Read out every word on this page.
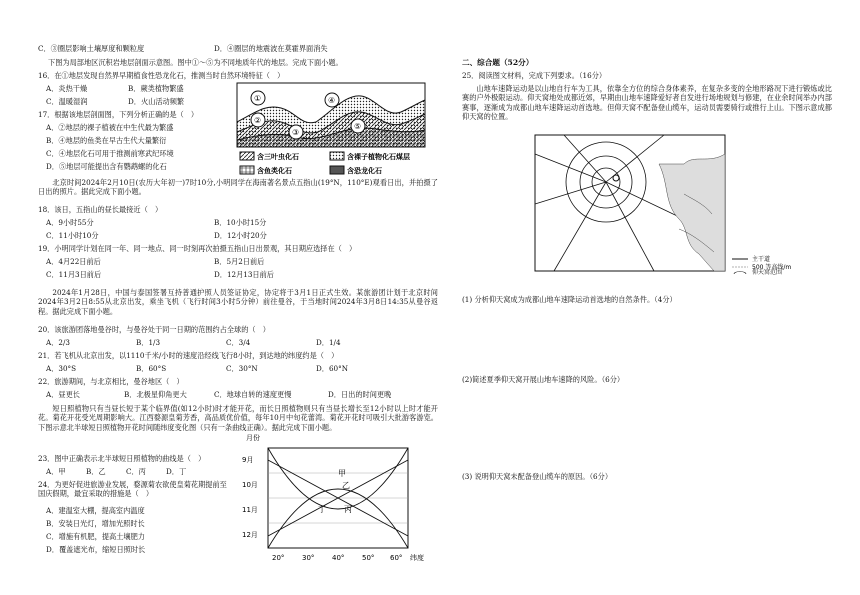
C．③圈层影响土壤厚度和颗粒度	D．④圈层的地震波在莫霍界面消失
下图为局部地区沉积岩地层剖面示意图。图中①～⑤为不同地质年代的地层。完成下面小题。
16．在①地层发现自然界早期植食性恐龙化石，推测当时自然环境特征（　）
A．炎热干燥	B．蕨类植物繁盛
C．温暖湿润	D．火山活动频繁
17．根据该地层剖面图，下列分析正确的是（　）
A．②地层的裸子植被在中生代最为繁盛
B．④地层的鱼类在早古生代大量繁衍
C．④地层化石可用于推测前寒武纪环境
D．⑤地层可能提出含有鹦鹉螺的化石
①
②
③
④
⑤
含三叶虫化石	含裸子植物化石煤层
含鱼类化石	含恐龙化石
北京时间2024年2月10日(农历大年初一)7时10分,小明同学在海南著名景点五指山(19°N，110°E)观看日出，并拍摄了日出的照片。据此完成下面小题。
18．该日，五指山的昼长最接近（　）
A．9小时55分	B．10小时15分
C．11小时10分	D．12小时20分
19．小明同学计划在同一年、同一地点、同一时刻再次拍摄五指山日出景观，其日期应选择在（　）
A．4月22日前后	B．5月2日前后
C．11月3日前后	D．12月13日前后
2024年1月28日，中国与泰国签署互持普通护照人员签证协定，协定将于3月1日正式生效。某旅游团计划于北京时间2024年3月2日8:55从北京出发，乘坐飞机（飞行时间3小时5分钟）前往曼谷，于当地时间2024年3月8日14:35从曼谷返程。据此完成下面小题。
20．该旅游团落地曼谷时，与曼谷处于同一日期的范围约占全球的（　）
A．2/3	B．1/3	C．3/4	D．1/4
21．若飞机从北京出发，以1110千米/小时的速度沿经线飞行8小时，到达地的纬度约是（　）
A．30°S	B．60°S	C．30°N	D．60°N
22．旅游期间，与北京相比，曼谷地区（　）
A．昼更长	B．北极星仰角更大	C．地球自转的速度更慢	D．日出的时间更晚
短日照植物只有当昼长短于某个临界值(如12小时)时才能开花，而长日照植物则只有当昼长增长至12小时以上时才能开花。菊花开花受光周期影响大。江西婺源皇菊芳香，高品质优价值，每年10月中旬花蕾湾。菊花开花时可吸引大批游客游览。下图示意北半球短日照植物开花时间随纬度变化图（只有一条曲线正确）。据此完成下面小题。
23．图中正确表示北半球短日照植物的曲线是（　）
A．甲	B．乙	C．丙	D．丁
24．为更好促进旅游业发展，婺源菊农欲使皇菊花期提前至国庆假期，最宜采取的措施是（　）
A．建温室大棚，提高室内温度
B．安装日光灯，增加光照时长
C．增施有机肥，提高土壤肥力
D．覆盖遮光布，缩短日照时长
月份
9月
10月
11月
12月
甲
乙
丙
丁
20°	30°	40°	50° 60° 纬度
二、综合题（52分）
25．阅读图文材料，完成下列要求。（16分）
山地车速降运动是以山地自行车为工具，依靠全方位的综合身体素养，在复杂多变的全地形路况下进行锻炼或比赛的户外极限运动。仰天窝地处成都近郊，早期由山地车速降爱好者自发进行场地规划与修建，在业余时间举办内部赛事，逐渐成为成都山地车速降运动首选地。但仰天窝不配备登山缆车，运动员需要骑行或推行上山。下图示意成都仰天窝的位置。
主干道
500 等高线/m
仰天窝范围
(1) 分析仰天窝成为成都山地车速降运动首选地的自然条件。（4分）
(2)简述夏季仰天窝开展山地车速降的风险。（6分）
(3) 说明仰天窝未配备登山缆车的原因。（6分）
